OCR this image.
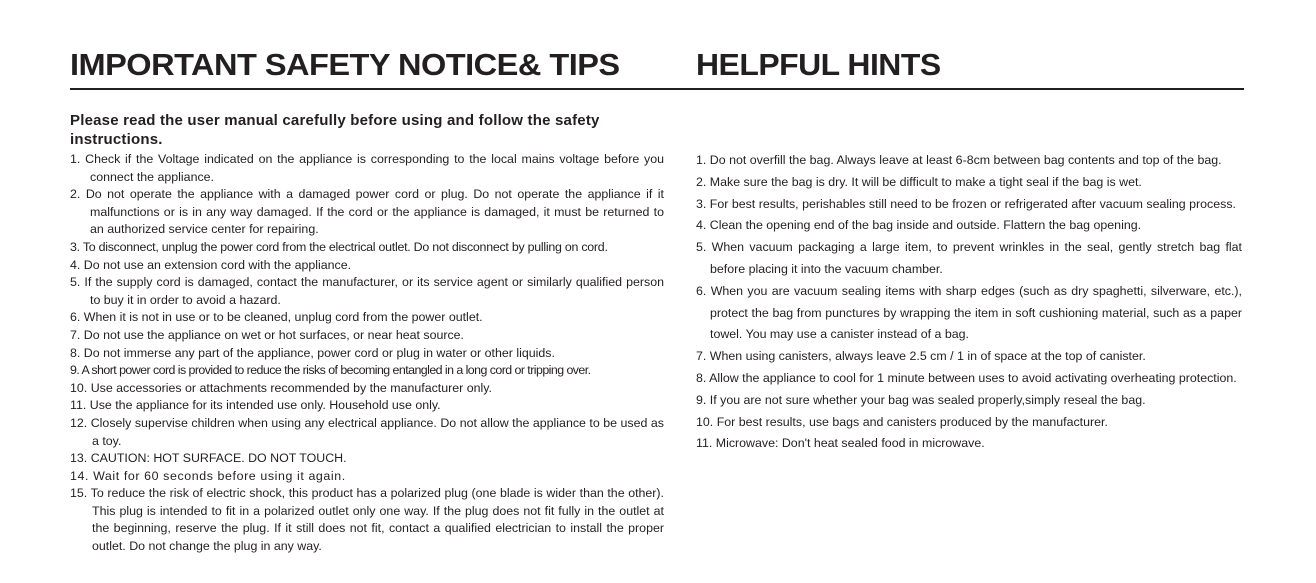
IMPORTANT SAFETY NOTICE& TIPS HELPFUL HINTS

Please read the user manual carefully before using and follow the safety instructions.

1. Check if the Voltage indicated on the appliance is corresponding to the local mains voltage before you connect the appliance.
2. Do not operate the appliance with a damaged power cord or plug. Do not operate the appliance if it malfunctions or is in any way damaged. If the cord or the appliance is damaged, it must be returned to an authorized service center for repairing.
3. To disconnect, unplug the power cord from the electrical outlet. Do not disconnect by pulling on cord.
4. Do not use an extension cord with the appliance.
5. If the supply cord is damaged, contact the manufacturer, or its service agent or similarly qualified person to buy it in order to avoid a hazard.
6. When it is not in use or to be cleaned, unplug cord from the power outlet.
7. Do not use the appliance on wet or hot surfaces, or near heat source.
8. Do not immerse any part of the appliance, power cord or plug in water or other liquids.
9. A short power cord is provided to reduce the risks of becoming entangled in a long cord or tripping over.
10. Use accessories or attachments recommended by the manufacturer only.
11. Use the appliance for its intended use only. Household use only.
12. Closely supervise children when using any electrical appliance. Do not allow the appliance to be used as a toy.
13. CAUTION: HOT SURFACE. DO NOT TOUCH.
14. Wait for 60 seconds before using it again.
15. To reduce the risk of electric shock, this product has a polarized plug (one blade is wider than the other). This plug is intended to fit in a polarized outlet only one way. If the plug does not fit fully in the outlet at the beginning, reserve the plug. If it still does not fit, contact a qualified electrician to install the proper outlet. Do not change the plug in any way.
1. Do not overfill the bag. Always leave at least 6-8cm between bag contents and top of the bag.
2. Make sure the bag is dry. It will be difficult to make a tight seal if the bag is wet.
3. For best results, perishables still need to be frozen or refrigerated after vacuum sealing process.
4. Clean the opening end of the bag inside and outside. Flattern the bag opening.
5. When vacuum packaging a large item, to prevent wrinkles in the seal, gently stretch bag flat before placing it into the vacuum chamber.
6. When you are vacuum sealing items with sharp edges (such as dry spaghetti, silverware, etc.), protect the bag from punctures by wrapping the item in soft cushioning material, such as a paper towel. You may use a canister instead of a bag.
7. When using canisters, always leave 2.5 cm / 1 in of space at the top of canister.
8. Allow the appliance to cool for 1 minute between uses to avoid activating overheating protection.
9. If you are not sure whether your bag was sealed properly,simply reseal the bag.
10. For best results, use bags and canisters produced by the manufacturer.
11. Microwave: Don't heat sealed food in microwave.
